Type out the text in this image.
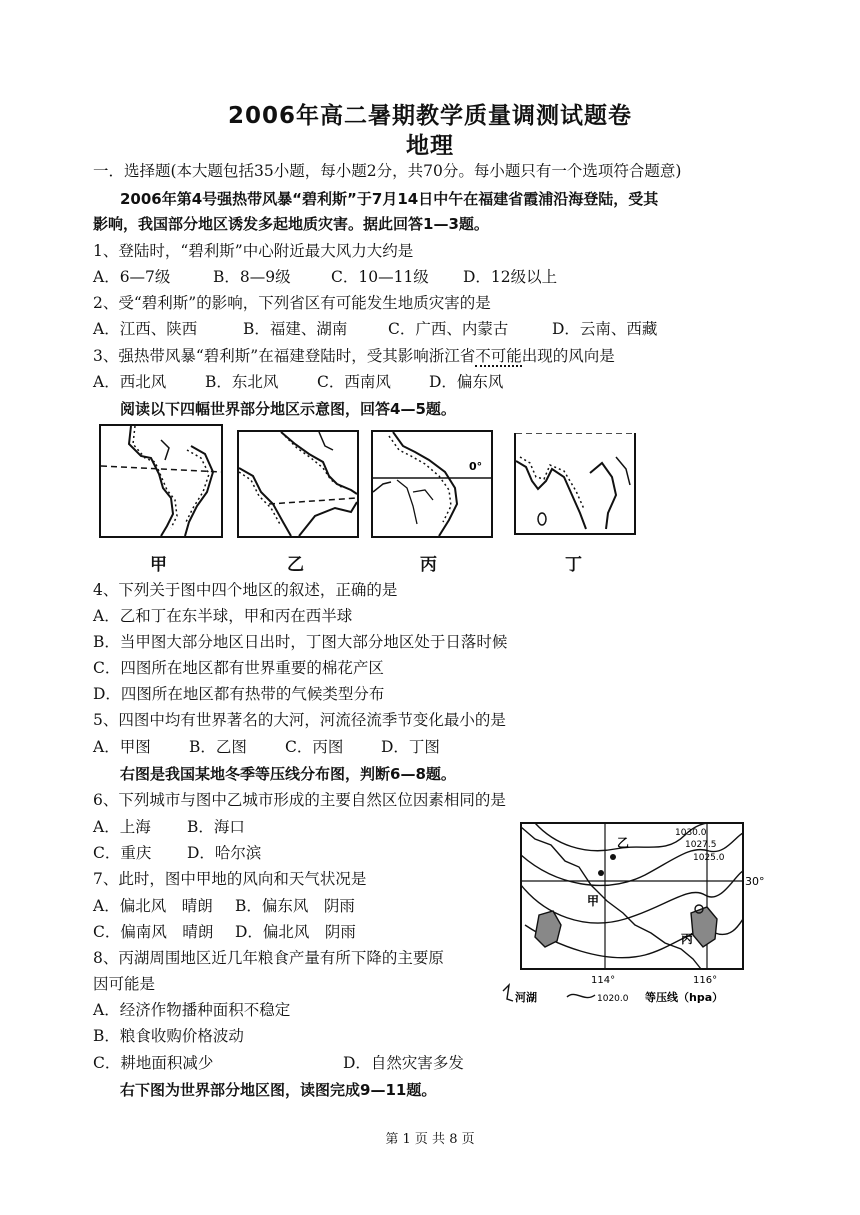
2006年高二暑期教学质量调测试题卷
地理
一．选择题(本大题包括35小题，每小题2分，共70分。每小题只有一个选项符合题意)
2006年第4号强热带风暴“碧利斯”于7月14日中午在福建省霞浦沿海登陆，受其
影响，我国部分地区诱发多起地质灾害。据此回答1—3题。
1、登陆时，“碧利斯”中心附近最大风力大约是
A．6—7级	B．8—9级	C．10—11级 D．12级以上
2、受“碧利斯”的影响，下列省区有可能发生地质灾害的是
A．江西、陕西	B．福建、湖南	C．广西、内蒙古	D．云南、西藏
3、强热带风暴“碧利斯”在福建登陆时，受其影响浙江省不可能出现的风向是
A．西北风	B．东北风 C．西南风 D．偏东风
阅读以下四幅世界部分地区示意图，回答4—5题。
甲	乙
0°
丙	丁
4、下列关于图中四个地区的叙述，正确的是
A．乙和丁在东半球，甲和丙在西半球
B．当甲图大部分地区日出时，丁图大部分地区处于日落时候
C．四图所在地区都有世界重要的棉花产区
D．四图所在地区都有热带的气候类型分布
5、四图中均有世界著名的大河，河流径流季节变化最小的是
A．甲图 B．乙图 C．丙图 D．丁图
右图是我国某地冬季等压线分布图，判断6—8题。
6、下列城市与图中乙城市形成的主要自然区位因素相同的是
A．上海 B．海口
C．重庆 D．哈尔滨
7、此时，图中甲地的风向和天气状况是
A．偏北风　晴朗 B．偏东风　阴雨
C．偏南风　晴朗 D．偏北风　阴雨
8、丙湖周围地区近几年粮食产量有所下降的主要原
因可能是
A．经济作物播种面积不稳定
B．粮食收购价格波动
C．耕地面积减少	D．自然灾害多发
右下图为世界部分地区图，读图完成9—11题。
乙
甲
丙
1030.0
1027.5
1025.0
30°
114°	116°
河湖	1020.0 等压线（hpa）
第 1 页 共 8 页
